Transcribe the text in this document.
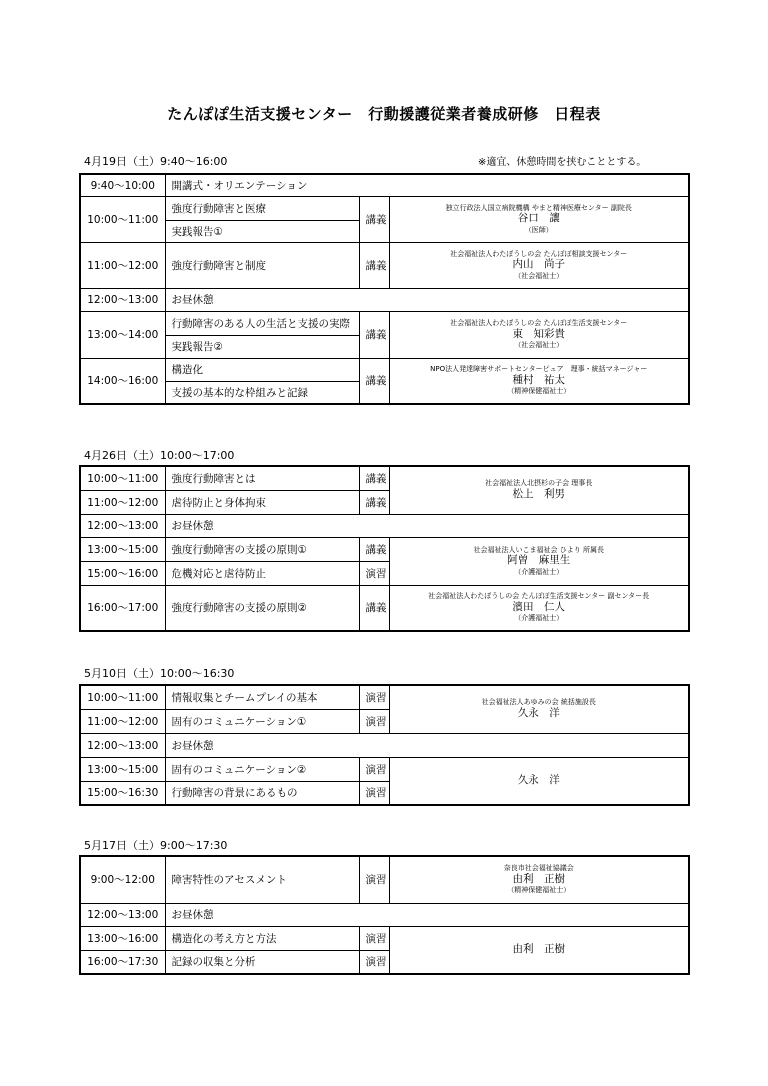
たんぽぽ生活支援センター　行動援護従業者養成研修　日程表
4月19日（土）9:40～16:00	※適宜、休憩時間を挟むこととする。
9:40～10:00	開講式・オリエンテーション		
10:00～11:00	強度行動障害と医療	講義	独立行政法人国立病院機構 やまと精神医療センター 副院長
谷口　讓
（医師）

	実践報告①		
11:00～12:00	強度行動障害と制度	講義	社会福祉法人わたぼうしの会 たんぽぽ相談支援センター
内山　尚子
（社会福祉士）

12:00～13:00	お昼休憩		
13:00～14:00	行動障害のある人の生活と支援の実際	講義	社会福祉法人わたぼうしの会 たんぽぽ生活支援センター
東　知彩貴
（社会福祉士）

	実践報告②		
14:00～16:00	構造化	講義	NPO法人発達障害サポートセンターピュア　理事・統括マネージャー
種村　祐太
（精神保健福祉士）

	支援の基本的な枠組みと記録		
4月26日（土）10:00～17:00
10:00～11:00	強度行動障害とは	講義	社会福祉法人北摂杉の子会 理事長
松上　利男

11:00～12:00	虐待防止と身体拘束	講義	
12:00～13:00	お昼休憩		
13:00～15:00	強度行動障害の支援の原則①	講義	社会福祉法人いこま福祉会 ひより 所属長
阿曽　麻里生
（介護福祉士）

15:00～16:00	危機対応と虐待防止	演習	
16:00～17:00	強度行動障害の支援の原則②	講義	社会福祉法人わたぼうしの会 たんぽぽ生活支援センター 副センター長
濱田　仁人
（介護福祉士）
5月10日（土）10:00～16:30
10:00～11:00	情報収集とチームプレイの基本	演習	社会福祉法人あゆみの会 統括施設長
久永　洋

11:00～12:00	固有のコミュニケーション①	演習	
12:00～13:00	お昼休憩		
13:00～15:00	固有のコミュニケーション②	演習	久永　洋
15:00～16:30	行動障害の背景にあるもの	演習	
5月17日（土）9:00～17:30
9:00～12:00	障害特性のアセスメント	演習	奈良市社会福祉協議会
由利　正樹
（精神保健福祉士）

12:00～13:00	お昼休憩		
13:00～16:00	構造化の考え方と方法	演習	由利　正樹
16:00～17:30	記録の収集と分析	演習	
